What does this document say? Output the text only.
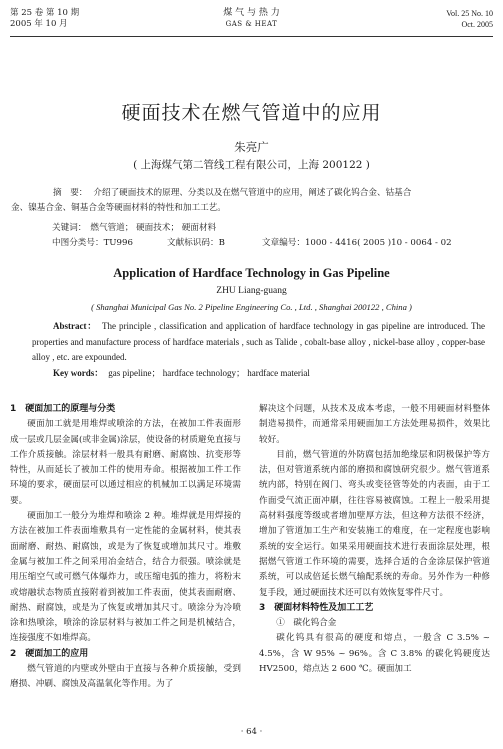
第 25 卷 第 10 期
2005 年 10 月
煤 气 与 热 力
GAS & HEAT
Vol. 25 No. 10
Oct. 2005
硬面技术在燃气管道中的应用
朱亮广
( 上海煤气第二管线工程有限公司，上海 200122 )
摘　要： 介绍了硬面技术的原理、分类以及在燃气管道中的应用，阐述了碳化钨合金、钴基合
金、镍基合金、铜基合金等硬面材料的特性和加工工艺。
关键词： 燃气管道； 硬面技术； 硬面材料
中图分类号：TU996	文献标识码：B	文章编号：1000 - 4416( 2005 )10 - 0064 - 02
Application of Hardface Technology in Gas Pipeline
ZHU Liang-guang
( Shanghai Municipal Gas No. 2 Pipeline Engineering Co. , Ltd. , Shanghai 200122 , China )
Abstract： The principle , classification and application of hardface technology in gas pipeline are introduced. The properties and manufacture process of hardface materials , such as Talide , cobalt-base alloy , nickel-base alloy , copper-base alloy , etc. are expounded.
Key words： gas pipeline； hardface technology； hardface material
1　硬面加工的原理与分类

硬面加工就是用堆焊或喷涂的方法，在被加工件表面形成一层或几层金属(或非金属)涂层，使设备的材质避免直接与工作介质接触。涂层材料一般具有耐磨、耐腐蚀、抗变形等特性，从而延长了被加工件的使用寿命。根据被加工件工作环境的要求，硬面层可以通过相应的机械加工以满足环境需要。

硬面加工一般分为堆焊和喷涂 2 种。堆焊就是用焊接的方法在被加工件表面堆敷具有一定性能的金属材料，使其表面耐磨、耐热、耐腐蚀，或是为了恢复或增加其尺寸。堆敷金属与被加工件之间采用冶金结合，结合力很强。喷涂就是用压缩空气或可燃气体爆炸力，或压缩电弧的推力，将粉末或熔融状态物质直接附着到被加工件表面，使其表面耐磨、耐热、耐腐蚀，或是为了恢复或增加其尺寸。喷涂分为冷喷涂和热喷涂，喷涂的涂层材料与被加工件之间是机械结合，连接强度不如堆焊高。

2　硬面加工的应用

燃气管道的内壁或外壁由于直接与各种介质接触，受到磨损、冲刷、腐蚀及高温氧化等作用。为了

解决这个问题，从技术及成本考虑，一般不用硬面材料整体制造易损件，而通常采用硬面加工方法处理易损件，效果比较好。

目前，燃气管道的外防腐包括加绝缘层和阴极保护等方法，但对管道系统内部的磨损和腐蚀研究很少。燃气管道系统内部，特别在阀门、弯头或变径管等处的内表面，由于工作面受气流正面冲刷，往往容易被腐蚀。工程上一般采用提高材料强度等级或者增加壁厚方法，但这种方法很不经济，增加了管道加工生产和安装施工的难度，在一定程度也影响系统的安全运行。如果采用硬面技术进行表面涂层处理，根据燃气管道工作环境的需要，选择合适的合金涂层保护管道系统，可以成倍延长燃气输配系统的寿命。另外作为一种修复手段，通过硬面技术还可以有效恢复零件尺寸。

3　硬面材料特性及加工工艺

①　碳化钨合金

碳化钨具有很高的硬度和熔点，一般含 C 3.5% ~ 4.5%，含 W 95% ~ 96%。含 C 3.8% 的碳化钨硬度达 HV2500，熔点达 2 600 ℃。硬面加工

· 64 ·
